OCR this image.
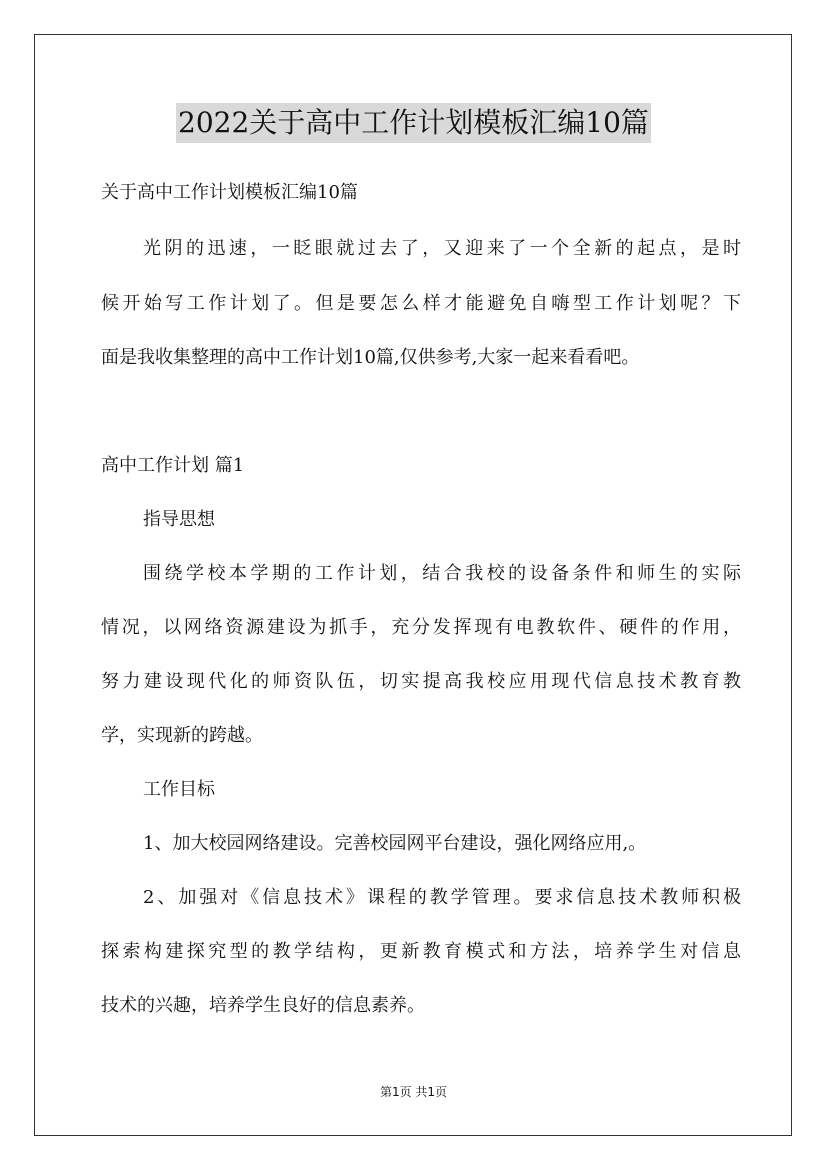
2022关于高中工作计划模板汇编10篇
关于高中工作计划模板汇编10篇
光阴的迅速，一眨眼就过去了，又迎来了一个全新的起点，是时
候开始写工作计划了。但是要怎么样才能避免自嗨型工作计划呢？下
面是我收集整理的高中工作计划10篇,仅供参考,大家一起来看看吧。
高中工作计划 篇1
指导思想
围绕学校本学期的工作计划，结合我校的设备条件和师生的实际
情况，以网络资源建设为抓手，充分发挥现有电教软件、硬件的作用，
努力建设现代化的师资队伍，切实提高我校应用现代信息技术教育教
学，实现新的跨越。
工作目标
1、加大校园网络建设。完善校园网平台建设，强化网络应用,。
2、加强对《信息技术》课程的教学管理。要求信息技术教师积极
探索构建探究型的教学结构，更新教育模式和方法，培养学生对信息
技术的兴趣，培养学生良好的信息素养。
第1页 共1页
